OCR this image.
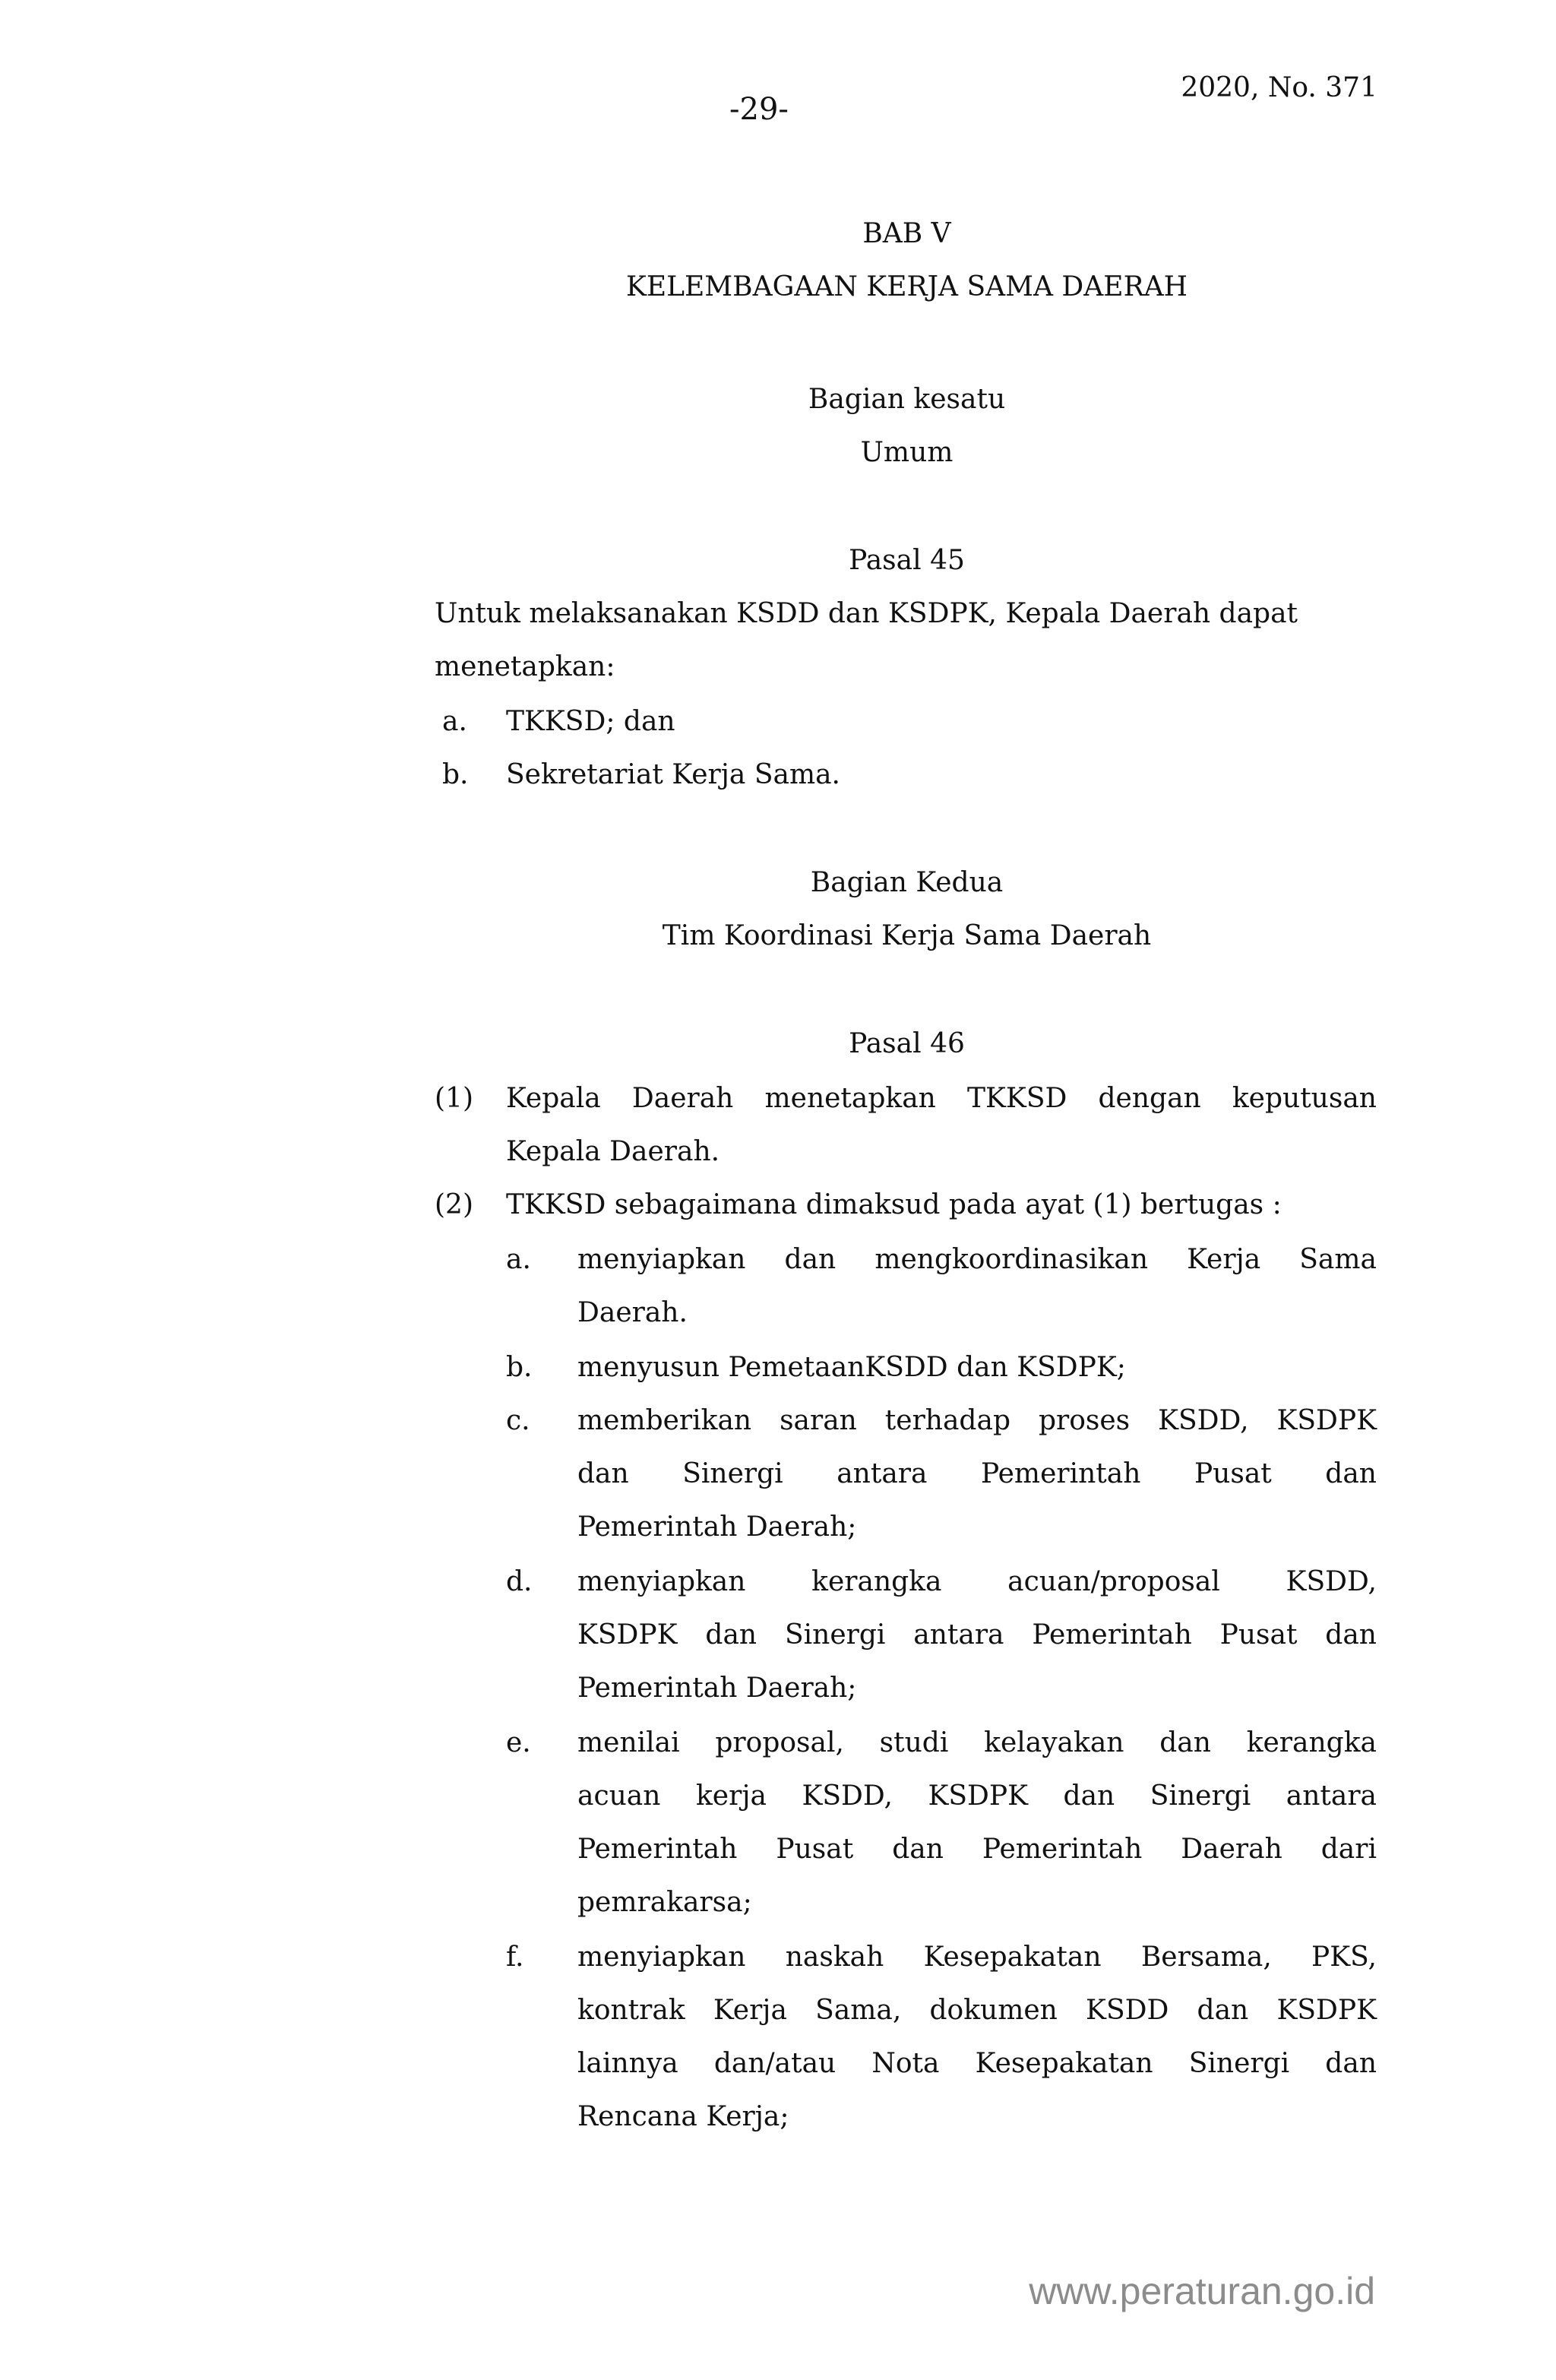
-29-
2020, No. 371
BAB V
KELEMBAGAAN KERJA SAMA DAERAH
Bagian kesatu
Umum
Pasal 45
Untuk melaksanakan KSDD dan KSDPK, Kepala Daerah dapat
menetapkan:
a. TKKSD; dan
b. Sekretariat Kerja Sama.
Bagian Kedua
Tim Koordinasi Kerja Sama Daerah
Pasal 46
(1) Kepala Daerah menetapkan TKKSD dengan keputusan
Kepala Daerah.
(2) TKKSD sebagaimana dimaksud pada ayat (1) bertugas :
a. menyiapkan dan mengkoordinasikan Kerja Sama
Daerah.
b. menyusun PemetaanKSDD dan KSDPK;
c. memberikan saran terhadap proses KSDD, KSDPK
dan Sinergi antara Pemerintah Pusat dan
Pemerintah Daerah;
d. menyiapkan kerangka acuan/proposal KSDD,
KSDPK dan Sinergi antara Pemerintah Pusat dan
Pemerintah Daerah;
e. menilai proposal, studi kelayakan dan kerangka
acuan kerja KSDD, KSDPK dan Sinergi antara
Pemerintah Pusat dan Pemerintah Daerah dari
pemrakarsa;
f. menyiapkan naskah Kesepakatan Bersama, PKS,
kontrak Kerja Sama, dokumen KSDD dan KSDPK
lainnya dan/atau Nota Kesepakatan Sinergi dan
Rencana Kerja;
www.peraturan.go.id
